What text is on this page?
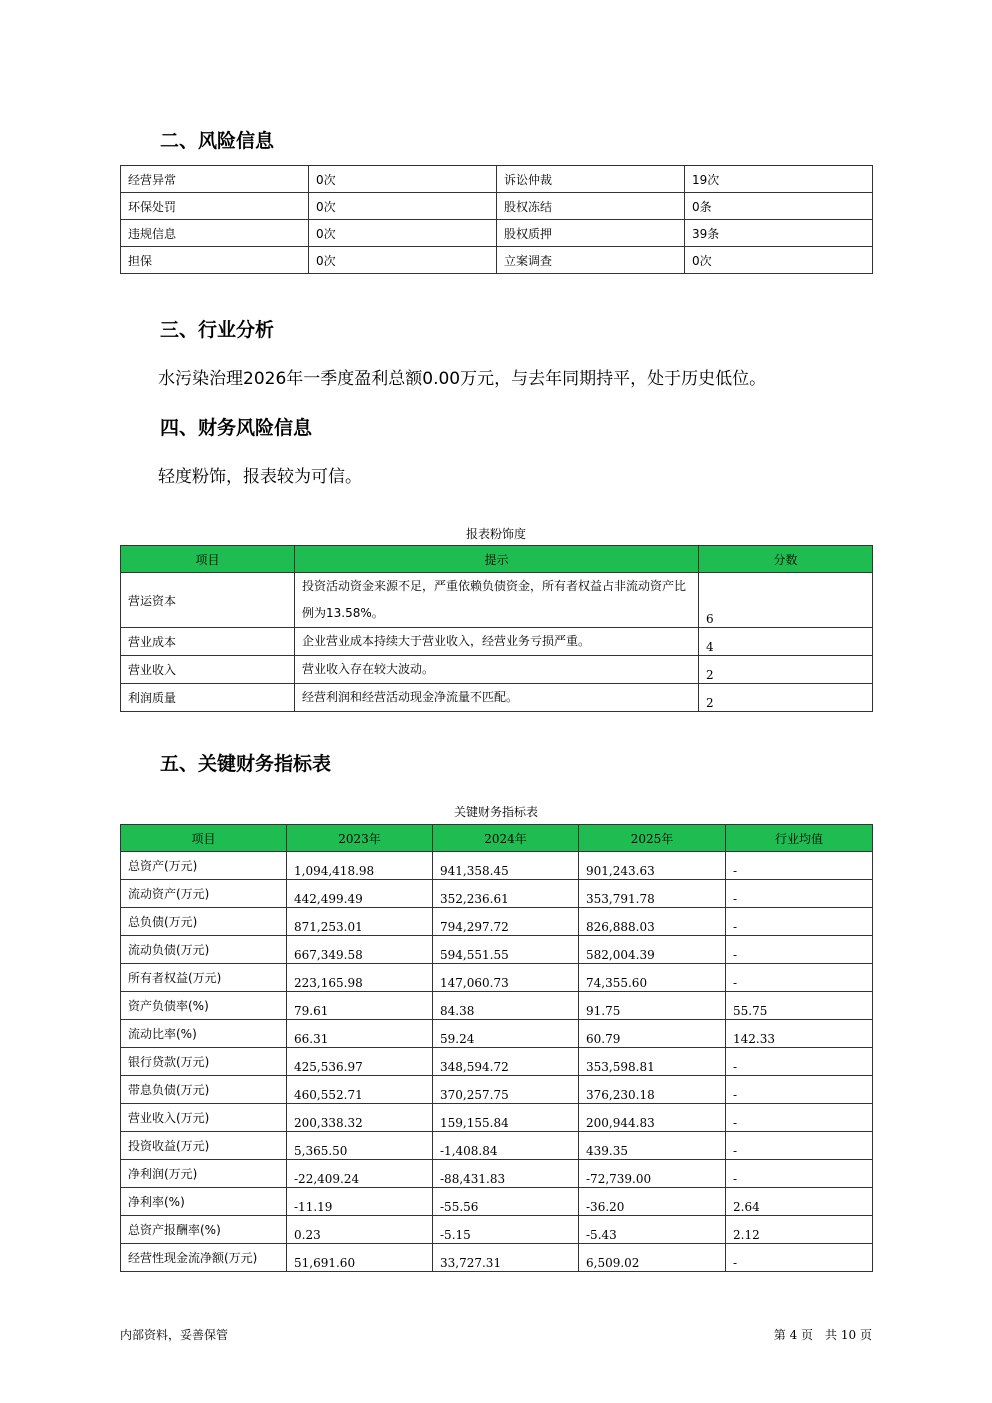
二、风险信息
经营异常	0次	诉讼仲裁	19次
环保处罚	0次	股权冻结	0条
违规信息	0次	股权质押	39条
担保	0次	立案调查	0次
三、行业分析

水污染治理2026年一季度盈利总额0.00万元，与去年同期持平，处于历史低位。

四、财务风险信息

轻度粉饰，报表较为可信。

报表粉饰度
项目	提示	分数
营运资本	投资活动资金来源不足，严重依赖负债资金，所有者权益占非流动资产比例为13.58%。	6
营业成本	企业营业成本持续大于营业收入，经营业务亏损严重。	4
营业收入	营业收入存在较大波动。	2
利润质量	经营利润和经营活动现金净流量不匹配。	2
五、关键财务指标表
关键财务指标表
项目	2023年	2024年	2025年	行业均值
总资产(万元)	1,094,418.98	941,358.45	901,243.63	-
流动资产(万元)	442,499.49	352,236.61	353,791.78	-
总负债(万元)	871,253.01	794,297.72	826,888.03	-
流动负债(万元)	667,349.58	594,551.55	582,004.39	-
所有者权益(万元)	223,165.98	147,060.73	74,355.60	-
资产负债率(%)	79.61	84.38	91.75	55.75
流动比率(%)	66.31	59.24	60.79	142.33
银行贷款(万元)	425,536.97	348,594.72	353,598.81	-
带息负债(万元)	460,552.71	370,257.75	376,230.18	-
营业收入(万元)	200,338.32	159,155.84	200,944.83	-
投资收益(万元)	5,365.50	-1,408.84	439.35	-
净利润(万元)	-22,409.24	-88,431.83	-72,739.00	-
净利率(%)	-11.19	-55.56	-36.20	2.64
总资产报酬率(%)	0.23	-5.15	-5.43	2.12
经营性现金流净额(万元)	51,691.60	33,727.31	6,509.02	-
内部资料，妥善保管	第 4 页　共 10 页
